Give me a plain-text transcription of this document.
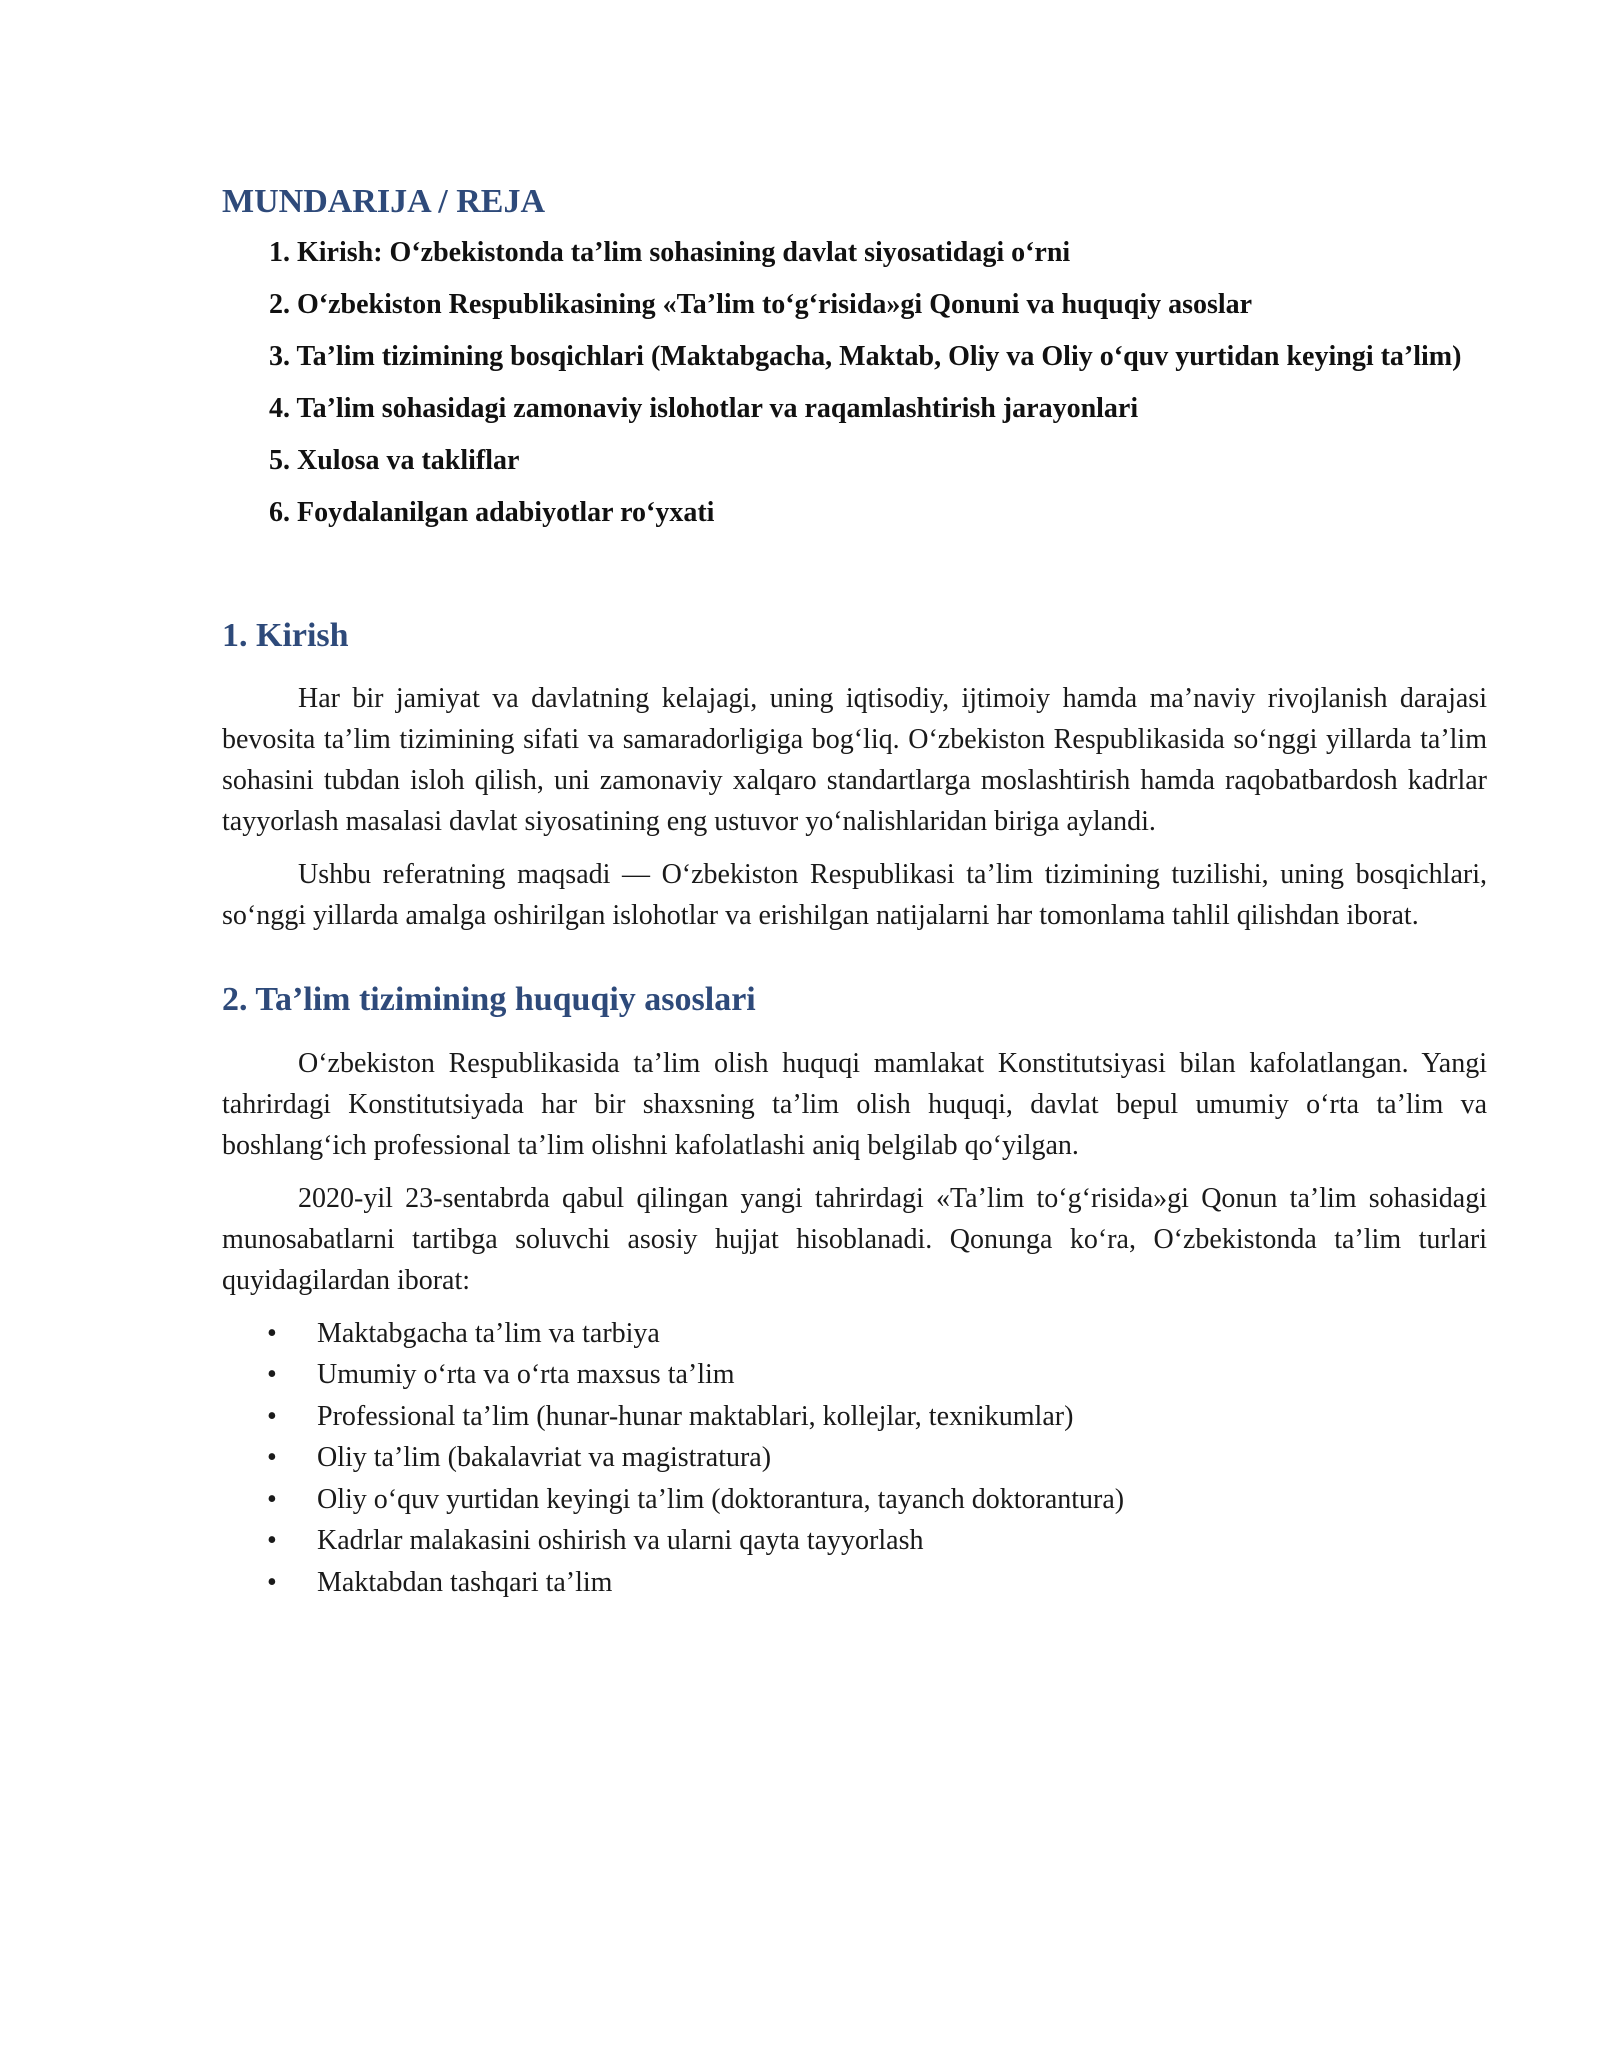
MUNDARIJA / REJA
1. Kirish: O‘zbekistonda ta’lim sohasining davlat siyosatidagi o‘rni
2. O‘zbekiston Respublikasining «Ta’lim to‘g‘risida»gi Qonuni va huquqiy asoslar
3. Ta’lim tizimining bosqichlari (Maktabgacha, Maktab, Oliy va Oliy o‘quv yurtidan keyingi ta’lim)
4. Ta’lim sohasidagi zamonaviy islohotlar va raqamlashtirish jarayonlari
5. Xulosa va takliflar
6. Foydalanilgan adabiyotlar ro‘yxati
1. Kirish

Har bir jamiyat va davlatning kelajagi, uning iqtisodiy, ijtimoiy hamda ma’naviy rivojlanish darajasi bevosita ta’lim tizimining sifati va samaradorligiga bog‘liq. O‘zbekiston Respublikasida so‘nggi yillarda ta’lim sohasini tubdan isloh qilish, uni zamonaviy xalqaro standartlarga moslashtirish hamda raqobatbardosh kadrlar tayyorlash masalasi davlat siyosatining eng ustuvor yo‘nalishlaridan biriga aylandi.

Ushbu referatning maqsadi — O‘zbekiston Respublikasi ta’lim tizimining tuzilishi, uning bosqichlari, so‘nggi yillarda amalga oshirilgan islohotlar va erishilgan natijalarni har tomonlama tahlil qilishdan iborat.

2. Ta’lim tizimining huquqiy asoslari

O‘zbekiston Respublikasida ta’lim olish huquqi mamlakat Konstitutsiyasi bilan kafolatlangan. Yangi tahrirdagi Konstitutsiyada har bir shaxsning ta’lim olish huquqi, davlat bepul umumiy o‘rta ta’lim va boshlang‘ich professional ta’lim olishni kafolatlashi aniq belgilab qo‘yilgan.

2020-yil 23-sentabrda qabul qilingan yangi tahrirdagi «Ta’lim to‘g‘risida»gi Qonun ta’lim sohasidagi munosabatlarni tartibga soluvchi asosiy hujjat hisoblanadi. Qonunga ko‘ra, O‘zbekistonda ta’lim turlari quyidagilardan iborat:

• Maktabgacha ta’lim va tarbiya
• Umumiy o‘rta va o‘rta maxsus ta’lim
• Professional ta’lim (hunar-hunar maktablari, kollejlar, texnikumlar)
• Oliy ta’lim (bakalavriat va magistratura)
• Oliy o‘quv yurtidan keyingi ta’lim (doktorantura, tayanch doktorantura)
• Kadrlar malakasini oshirish va ularni qayta tayyorlash
• Maktabdan tashqari ta’lim
